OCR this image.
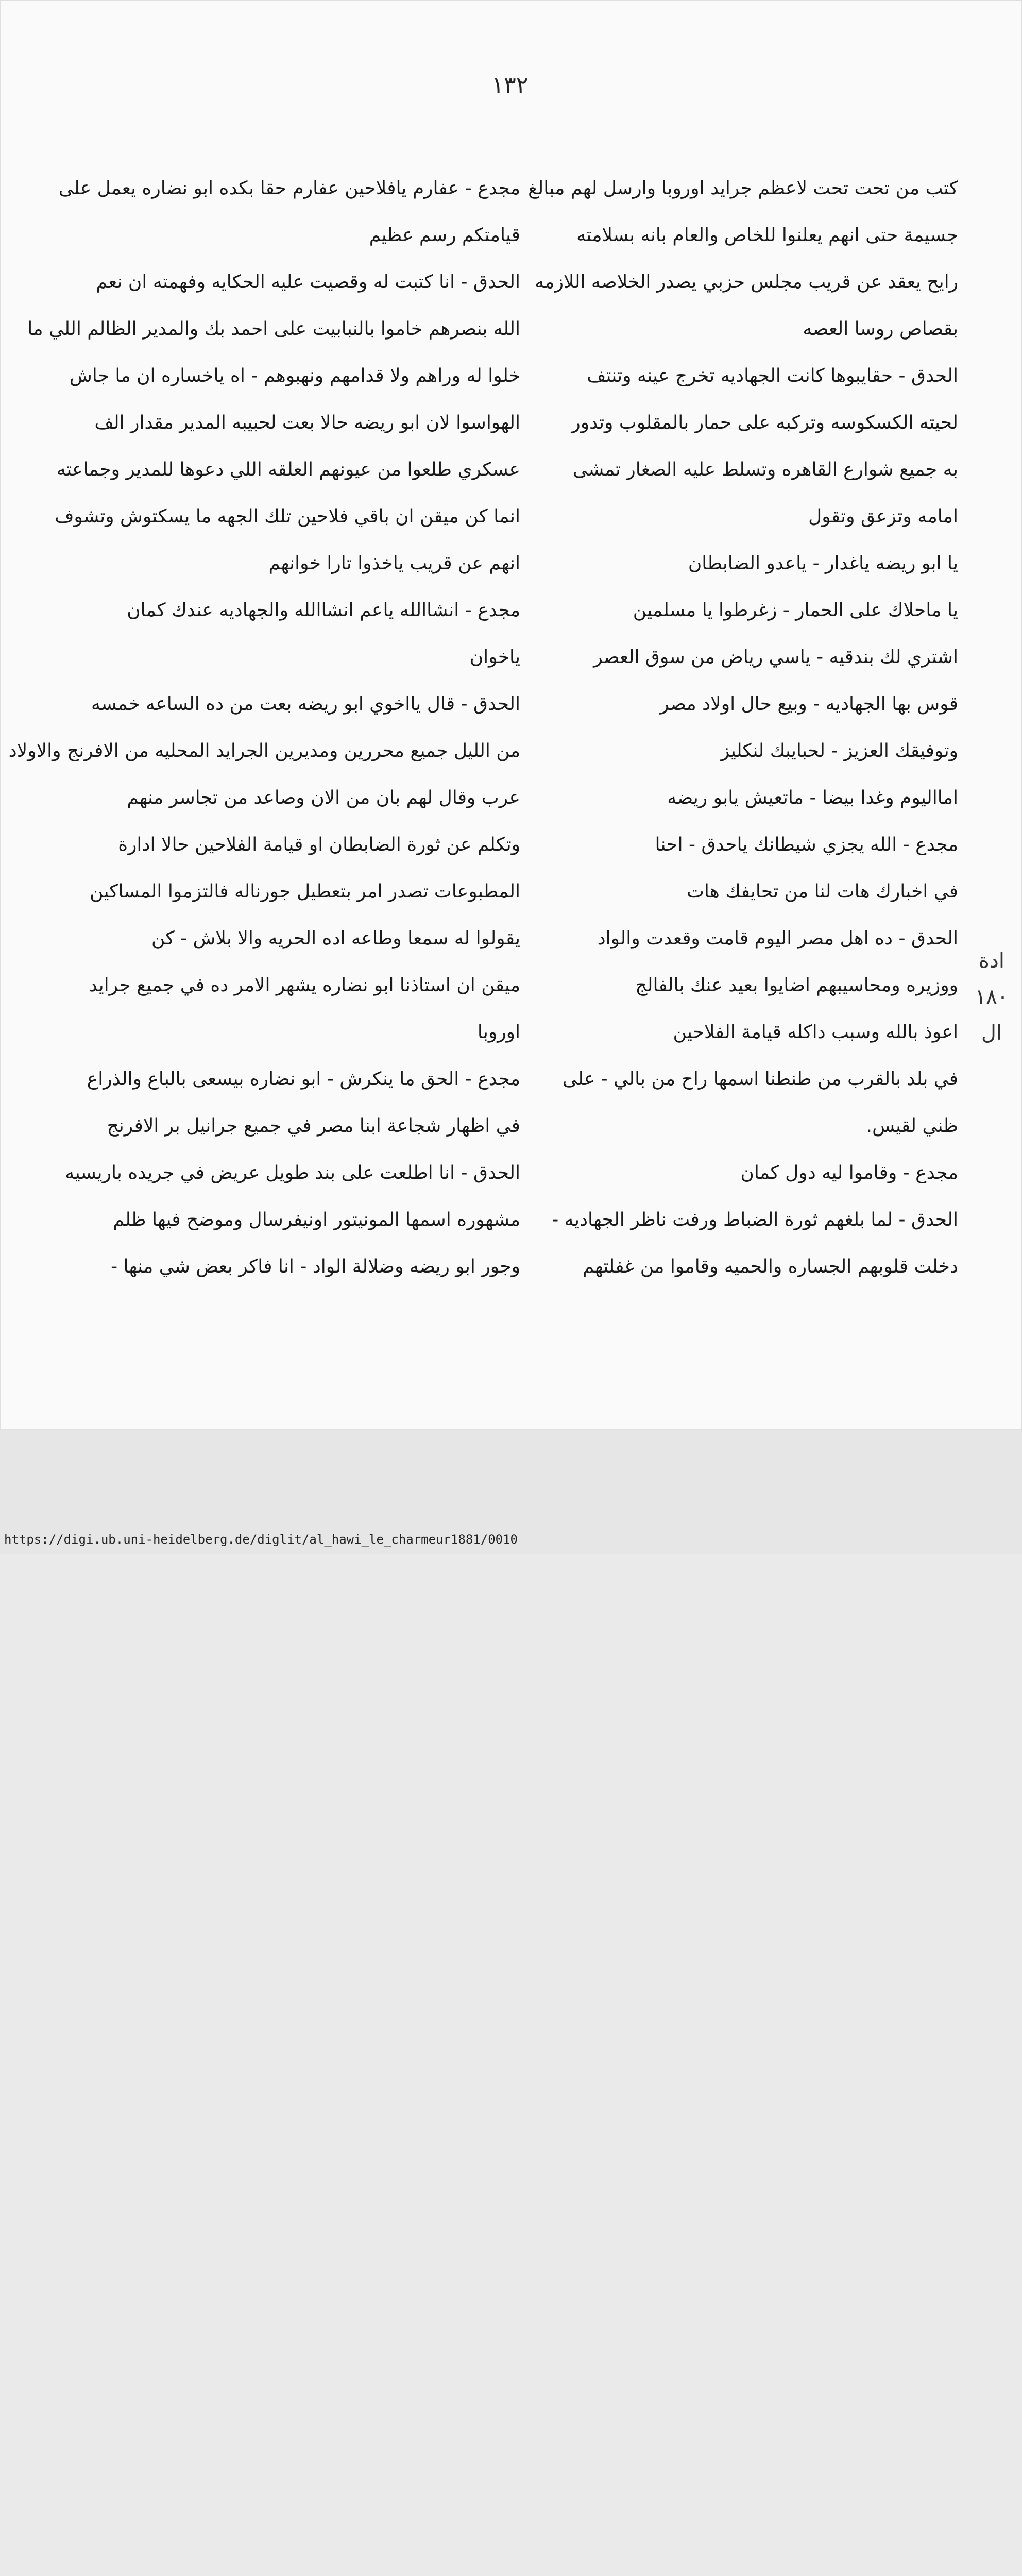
١٣٢
كتب من تحت تحت لاعظم جرايد اوروبا وارسل لهم مبالغ
جسيمة حتى انهم يعلنوا للخاص والعام بانه بسلامته
رايح يعقد عن قريب مجلس حزبي يصدر الخلاصه اللازمه
بقصاص روسا العصه
الحدق - حقايبوها كانت الجهاديه تخرج عينه وتنتف
لحيته الكسكوسه وتركبه على حمار بالمقلوب وتدور
به جميع شوارع القاهره وتسلط عليه الصغار تمشى
امامه وتزعق وتقول
يا ابو ريضه ياغدار - ياعدو الضابطان
يا ماحلاك على الحمار - زغرطوا يا مسلمين
اشتري لك بندقيه - ياسي رياض من سوق العصر
قوس بها الجهاديه - وبيع حال اولاد مصر
وتوفيقك العزيز - لحبايبك لنكليز
امااليوم وغدا بيضا - ماتعيش يابو ريضه
مجدع - الله يجزي شيطانك ياحدق - احنا
في اخبارك هات لنا من تحايفك هات
الحدق - ده اهل مصر اليوم قامت وقعدت والواد
ووزيره ومحاسيبهم اضايوا بعيد عنك بالفالج
اعوذ بالله وسبب داكله قيامة الفلاحين
في بلد بالقرب من طنطنا اسمها راح من بالي - على
ظني لقيس.
مجدع - وقاموا ليه دول كمان
الحدق - لما بلغهم ثورة الضباط ورفت ناظر الجهاديه -
دخلت قلوبهم الجساره والحميه وقاموا من غفلتهم
مجدع - عفارم يافلاحين عفارم حقا بكده ابو نضاره يعمل على
قيامتكم رسم عظيم
الحدق - انا كتبت له وقصيت عليه الحكايه وفهمته ان نعم
الله بنصرهم خاموا بالنبابيت على احمد بك والمدير الظالم اللي ما
خلوا له وراهم ولا قدامهم ونهبوهم - اه ياخساره ان ما جاش
الهواسوا لان ابو ريضه حالا بعت لحبيبه المدير مقدار الف
عسكري طلعوا من عيونهم العلقه اللي دعوها للمدير وجماعته
انما كن ميقن ان باقي فلاحين تلك الجهه ما يسكتوش وتشوف
انهم عن قريب ياخذوا تارا خوانهم
مجدع - انشاالله ياعم انشاالله والجهاديه عندك كمان
ياخوان
الحدق - قال يااخوي ابو ريضه بعت من ده الساعه خمسه
من الليل جميع محررين ومديرين الجرايد المحليه من الافرنج والاولاد
عرب وقال لهم بان من الان وصاعد من تجاسر منهم
وتكلم عن ثورة الضابطان او قيامة الفلاحين حالا ادارة
المطبوعات تصدر امر بتعطيل جورناله فالتزموا المساكين
يقولوا له سمعا وطاعه اده الحريه والا بلاش - كن
ميقن ان استاذنا ابو نضاره يشهر الامر ده في جميع جرايد
اوروبا
مجدع - الحق ما ينكرش - ابو نضاره بيسعى بالباع والذراع
في اظهار شجاعة ابنا مصر في جميع جرانيل بر الافرنج
الحدق - انا اطلعت على بند طويل عريض في جريده باريسيه
مشهوره اسمها المونيتور اونيفرسال وموضح فيها ظلم
وجور ابو ريضه وضلالة الواد - انا فاكر بعض شي منها -
ادة
١٨٠ ال
https://digi.ub.uni-heidelberg.de/diglit/al_hawi_le_charmeur1881/0010
